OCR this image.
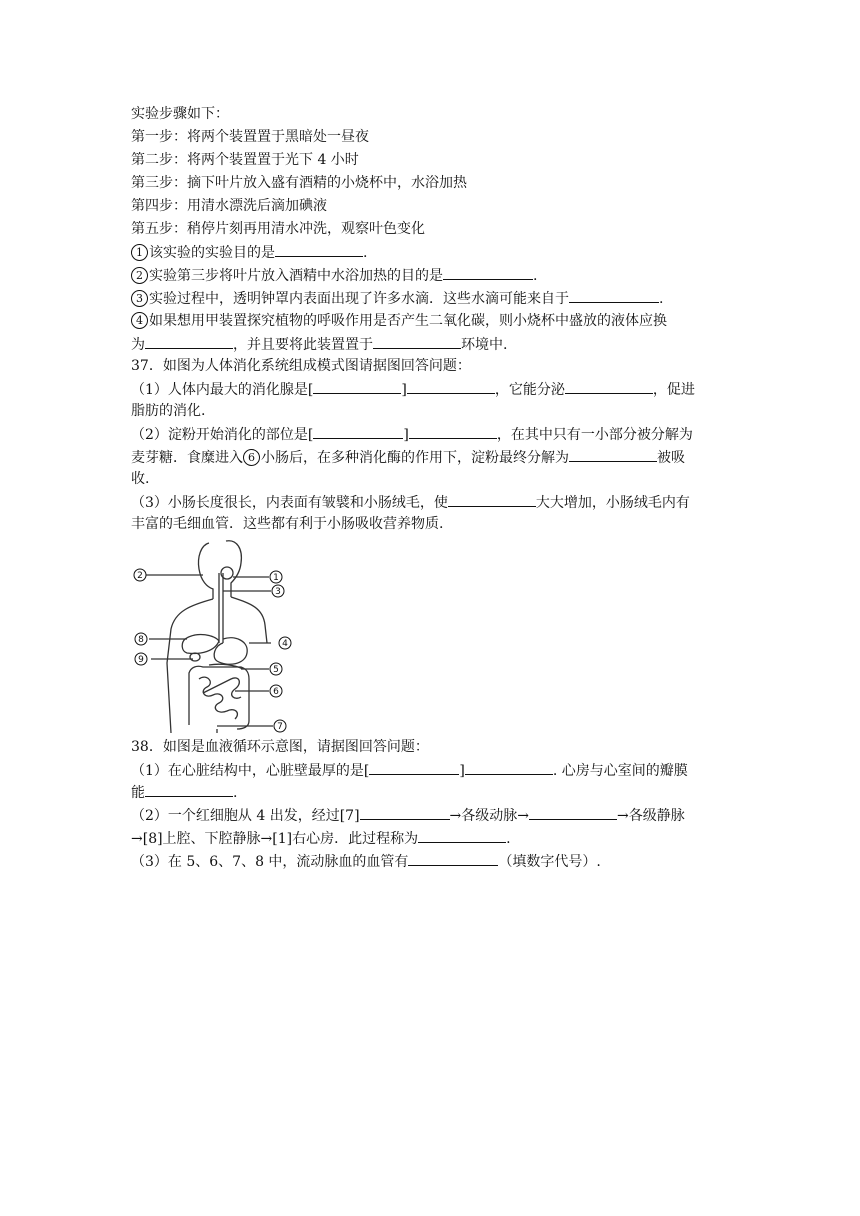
实验步骤如下：
第一步：将两个装置置于黑暗处一昼夜
第二步：将两个装置置于光下 4 小时
第三步：摘下叶片放入盛有酒精的小烧杯中，水浴加热
第四步：用清水漂洗后滴加碘液
第五步：稍停片刻再用清水冲洗，观察叶色变化
1 该实验的实验目的是	.
2 实验第三步将叶片放入酒精中水浴加热的目的是	.
3 实验过程中，透明钟罩内表面出现了许多水滴．这些水滴可能来自于	.
4 如果想用甲装置探究植物的呼吸作用是否产生二氧化碳，则小烧杯中盛放的液体应换
为	，并且要将此装置置于	环境中.
37．如图为人体消化系统组成模式图请据图回答问题：
（1）人体内最大的消化腺是[	]	，它能分泌	，促进
脂肪的消化.
（2）淀粉开始消化的部位是[	]	，在其中只有一小部分被分解为
麦芽糖．食糜进入 6 小肠后，在多种消化酶的作用下，淀粉最终分解为	被吸
收.
（3）小肠长度很长，内表面有皱襞和小肠绒毛，使	大大增加，小肠绒毛内有
丰富的毛细血管．这些都有利于小肠吸收营养物质.
1
2
3
4
5
6
7
8
9
38．如图是血液循环示意图，请据图回答问题：
（1）在心脏结构中，心脏壁最厚的是[	]	. 心房与心室间的瓣膜
能	.
（2）一个红细胞从 4 出发，经过[7]	→各级动脉→	→各级静脉
→[8]上腔、下腔静脉→[1]右心房．此过程称为	.
（3）在 5、6、7、8 中，流动脉血的血管有	（填数字代号）.
